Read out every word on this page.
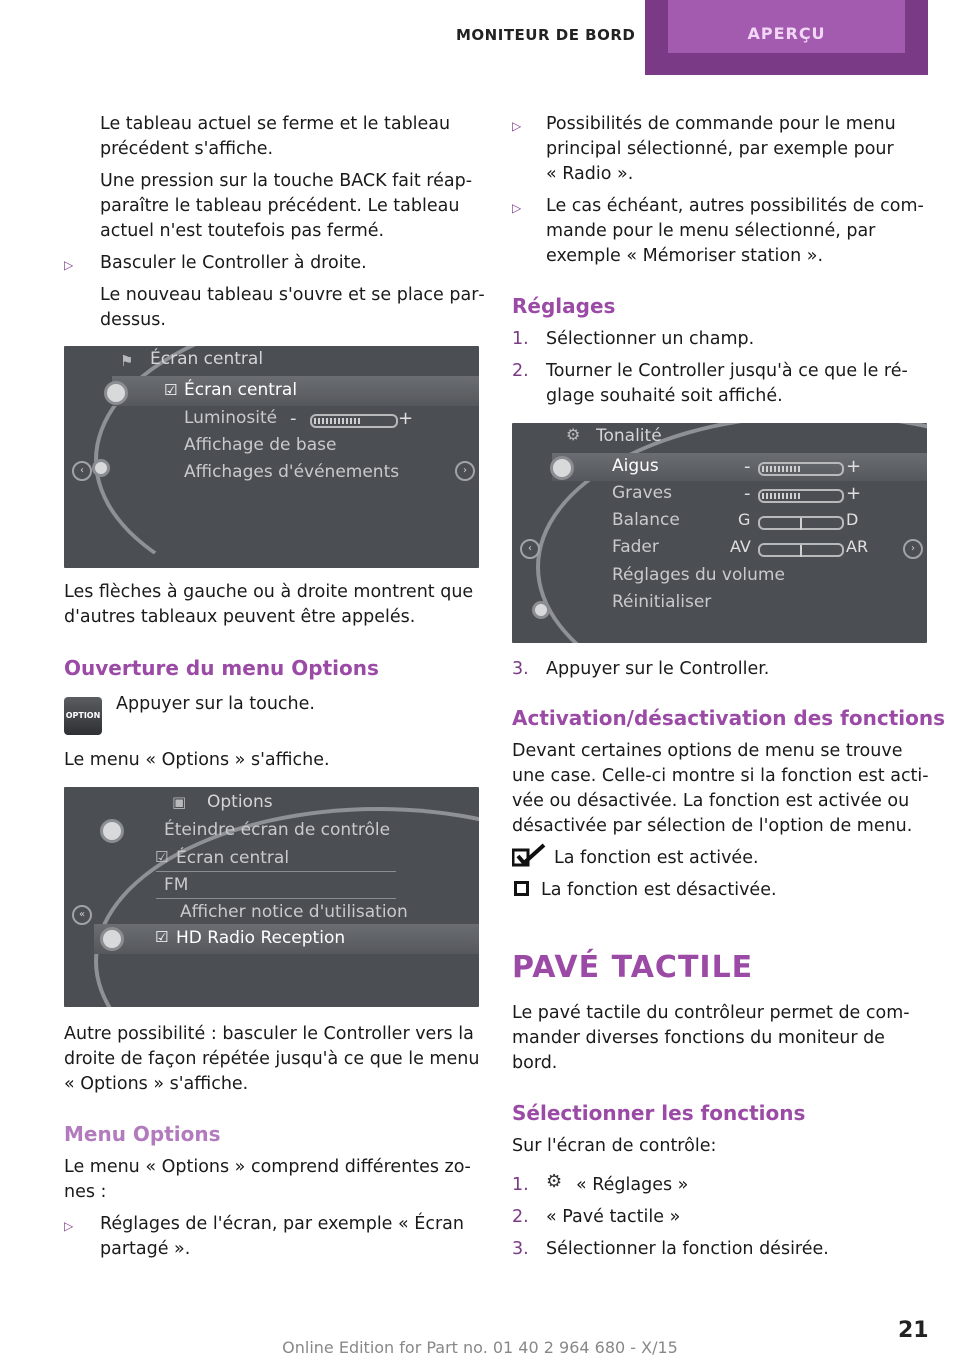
MONITEUR DE BORD	APERÇU
Le tableau actuel se ferme et le tableau
précédent s'affiche.
Une pression sur la touche BACK fait réap‐
paraître le tableau précédent. Le tableau
actuel n'est toutefois pas fermé.
▷ Basculer le Controller à droite.
Le nouveau tableau s'ouvre et se place par‐
dessus.
⚑ Écran central
☑ Écran central
Luminosité -	+
Affichage de base
Affichages d'événements
‹	›
Les flèches à gauche ou à droite montrent que
d'autres tableaux peuvent être appelés.
Ouverture du menu Options
OPTION
Appuyer sur la touche.
Le menu « Options » s'affiche.
▣ Options
Éteindre écran de contrôle
☑ Écran central
FM
Afficher notice d'utilisation
«
☑ HD Radio Reception
Autre possibilité : basculer le Controller vers la
droite de façon répétée jusqu'à ce que le menu
« Options » s'affiche.
Menu Options
Le menu « Options » comprend différentes zo‐
nes :
▷ Réglages de l'écran, par exemple « Écran
partagé ».
▷ Possibilités de commande pour le menu
principal sélectionné, par exemple pour
« Radio ».
▷ Le cas échéant, autres possibilités de com‐
mande pour le menu sélectionné, par
exemple « Mémoriser station ».
Réglages
1. Sélectionner un champ.
2. Tourner le Controller jusqu'à ce que le ré‐
glage souhaité soit affiché.
⚙ Tonalité
Aigus	-	+
Graves	-	+
Balance	G	D
Fader	AV	AR
‹	›
Réglages du volume
Réinitialiser
3. Appuyer sur le Controller.
Activation/désactivation des fonctions
Devant certaines options de menu se trouve
une case. Celle-ci montre si la fonction est acti‐
vée ou désactivée. La fonction est activée ou
désactivée par sélection de l'option de menu.
La fonction est activée.
La fonction est désactivée.
PAVÉ TACTILE
Le pavé tactile du contrôleur permet de com‐
mander diverses fonctions du moniteur de
bord.
Sélectionner les fonctions
Sur l'écran de contrôle:
1. ⚙ « Réglages »
2. « Pavé tactile »
3. Sélectionner la fonction désirée.
21
Online Edition for Part no. 01 40 2 964 680 - X/15
